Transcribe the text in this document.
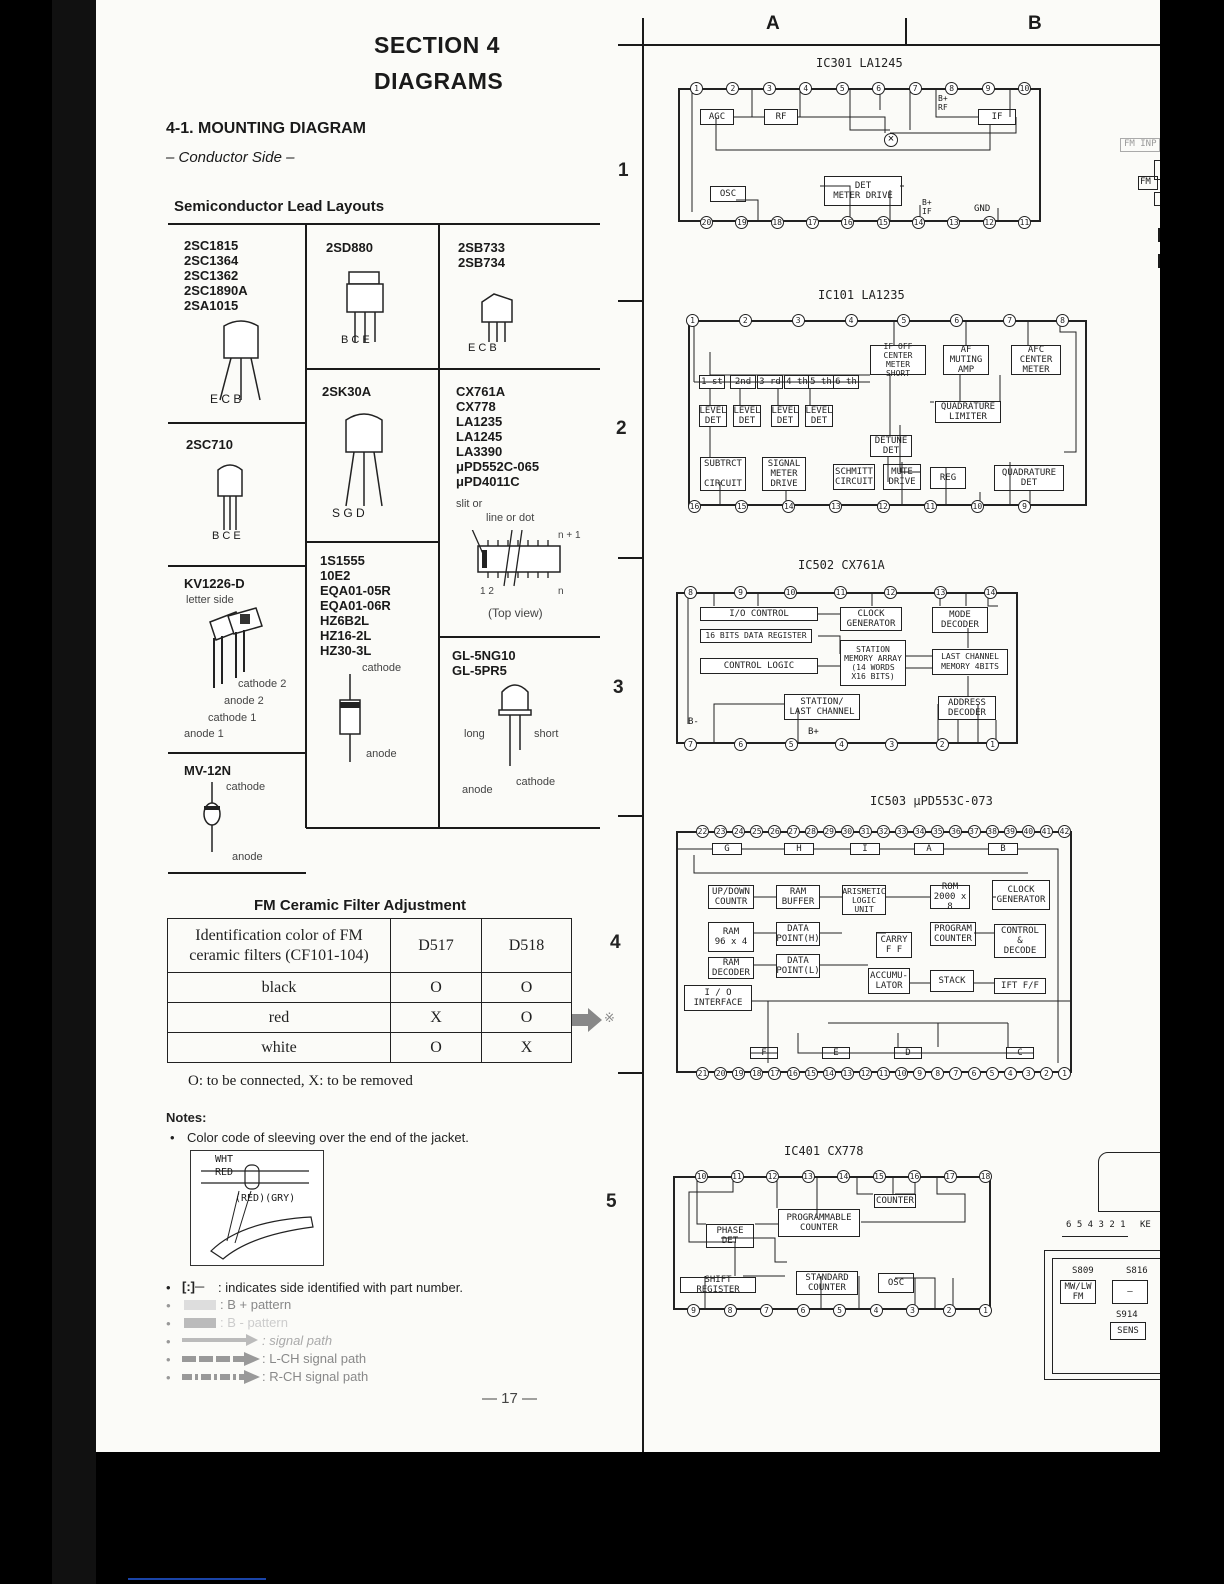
SECTION 4
DIAGRAMS
4-1. MOUNTING DIAGRAM
– Conductor Side –
Semiconductor Lead Layouts
2SC1815
2SC1364
2SC1362
2SC1890A
2SA1015
E C B
2SD880
B C E
2SB733
2SB734
E C B
2SC710
B C E
2SK30A
S G D
CX761A
CX778
LA1235
LA1245
LA3390
μPD552C-065
μPD4011C
slit or
line or dot
n + 1
1 2	n
(Top view)
KV1226-D
letter side
cathode 2
anode 2
cathode 1
anode 1
1S1555
10E2
EQA01-05R
EQA01-06R
HZ6B2L
HZ16-2L
HZ30-3L
cathode
anode
GL-5NG10
GL-5PR5
long	short
anode
cathode
MV-12N
cathode
anode
FM Ceramic Filter Adjustment
Identification color of FM ceramic filters (CF101-104)
D517	D518
black	O	O
red	X	O
white	O	X
※
O: to be connected, X: to be removed
Notes:
• Color code of sleeving over the end of the jacket.
WHT
RED
(RED)(GRY)
• [:]─ : indicates side identified with part number.
•	: B + pattern
•	: B - pattern
•	: signal path
•	: L-CH signal path
•	: R-CH signal path
— 17 —
A	B
1
2
3
4
5
IC301 LA1245
AGC	RF	IF
OSC
DET
METER DRIVE
×
B+
RF
B+
IF	GND
IC101 LA1235
IF OFF
CENTER METER
SHORT
AF
MUTING
AMP
AFC
CENTER
METER
1 st	2nd 3 rd 4 th 5 th 6 th
LEVEL
DET
LEVEL
DET
LEVEL
DET
LEVEL
DET
QUADRATURE
LIMITER
DETUNE
DET
SUBTRCT

CIRCUIT
SIGNAL
METER
DRIVE
SCHMITT
CIRCUIT
MUTE
DRIVE	REG	QUADRATURE
DET
IC502 CX761A
I/O CONTROL	CLOCK
GENERATOR
MODE
DECODER
16 BITS DATA REGISTER
STATION
MEMORY ARRAY
(14 WORDS
X16 BITS)
CONTROL LOGIC
LAST CHANNEL
MEMORY 4BITS
STATION/
LAST CHANNEL
ADDRESS
DECODER
B-
B+
IC503 μPD553C-073
G	H	I	A	B
UP/DOWN
COUNTR
RAM
BUFFER
ARISMETIC
LOGIC
UNIT
ROM
2000 x 8
CLOCK
GENERATOR
RAM
96 x 4
DATA
POINT(H)	CARRY
F F
PROGRAM
COUNTER
CONTROL
&
DECODE
RAM
DECODER
DATA
POINT(L)	ACCUMU-
LATOR	STACK	IFT F/F
I / O
INTERFACE
F	E	D	C
IC401 CX778
COUNTER
PROGRAMMABLE
COUNTER
PHASE
DET
SHIFT REGISTER
STANDARD
COUNTER	OSC
FM INP
FM
6 5 4 3 2 1 KE
S809	S816
MW/LW
FM	—
S914
SENS
1	2	3	4	5	6	7	8	9	10
20	19	18	17	16	15	14	13	12	11
1	2	3	4	5	6	7	8
16	15	14	13	12	11	10	9
8	9	10	11	12	13	14
7	6	5	4	3	2	1
22 23 24 25 26 27 28 29 30 31 32 33 34 35 36 37 38 39 40 41 42
21 20 19 18 17 16 15 14 13 12 11 10	9	8	7	6	5	4	3	2	1
10	11	12	13	14	15	16	17	18
9	8	7	6	5	4	3	2	1
